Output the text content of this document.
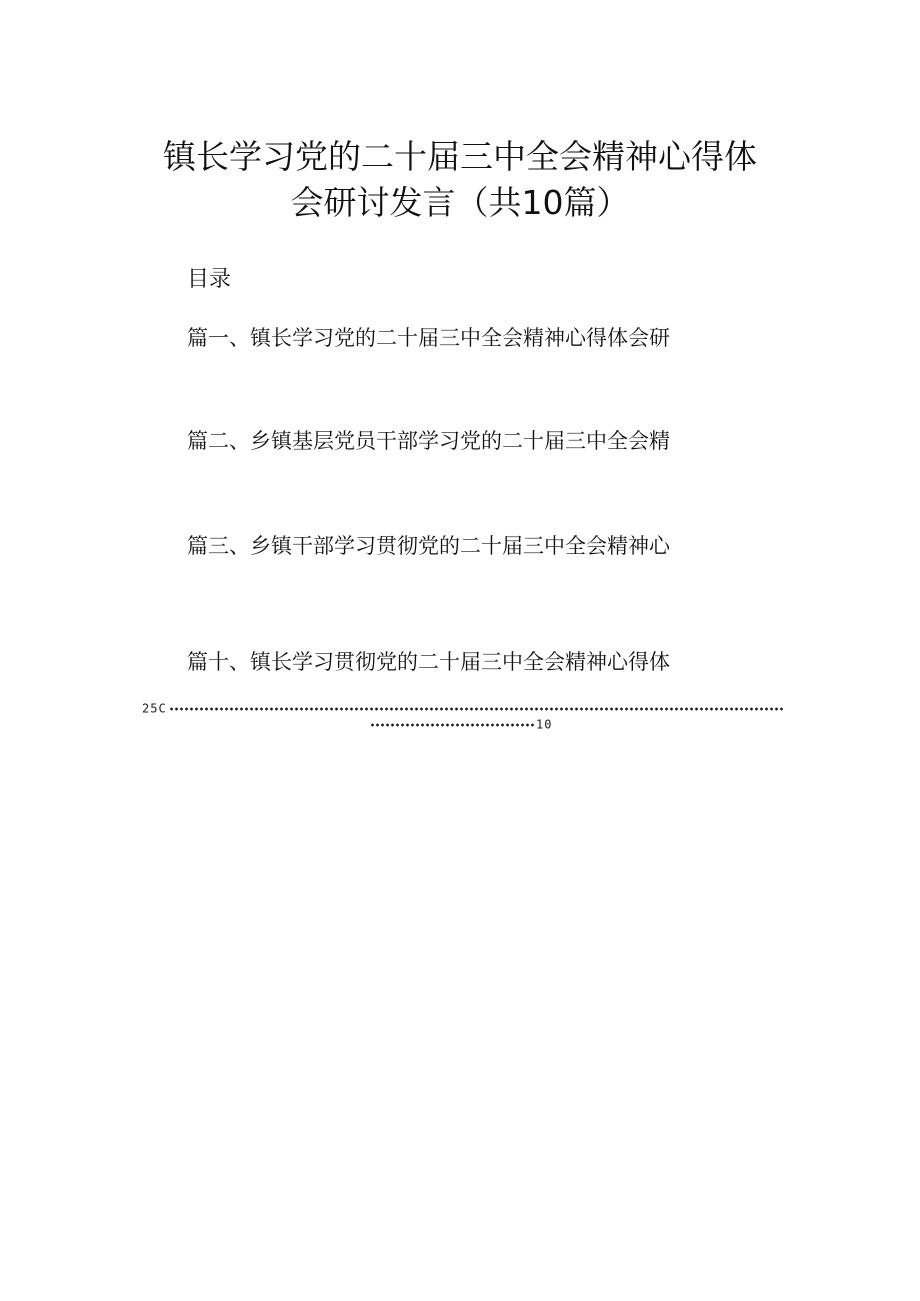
镇长学习党的二十届三中全会精神心得体
会研讨发言（共10篇）
目录
篇一、镇长学习党的二十届三中全会精神心得体会研
篇二、乡镇基层党员干部学习党的二十届三中全会精
篇三、乡镇干部学习贯彻党的二十届三中全会精神心
篇十、镇长学习贯彻党的二十届三中全会精神心得体
25C
10
